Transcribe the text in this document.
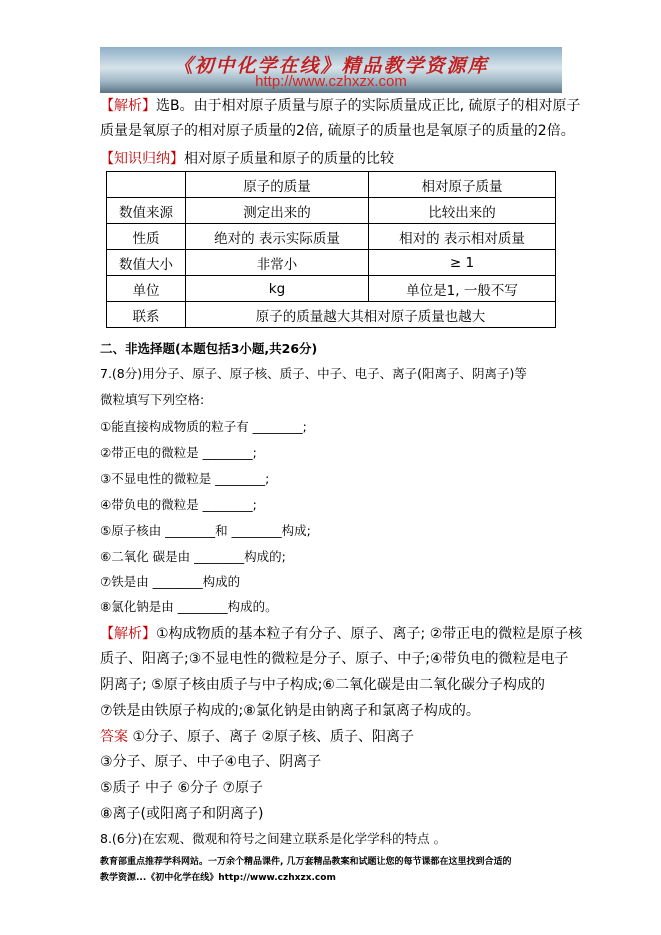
《初中化学在线》精品教学资源库
http://www.czhxzx.com
【解析】选B。由于相对原子质量与原子的实际质量成正比, 硫原子的相对原子
质量是氧原子的相对原子质量的2倍, 硫原子的质量也是氧原子的质量的2倍。
【知识归纳】相对原子质量和原子的质量的比较
	原子的质量	相对原子质量
数值来源	测定出来的	比较出来的
性质	绝对的 表示实际质量	相对的 表示相对质量
数值大小	非常小	≥ 1
单位	kg	单位是1, 一般不写
联系	原子的质量越大其相对原子质量也越大	
二、非选择题(本题包括3小题,共26分)
7.(8分)用分子、原子、原子核、质子、中子、电子、离子(阳离子、阴离子)等
微粒填写下列空格:
①能直接构成物质的粒子有 ________;
②带正电的微粒是 ________;
③不显电性的微粒是 ________;
④带负电的微粒是 ________;
⑤原子核由 ________和 ________构成;
⑥二氧化 碳是由 ________构成的;
⑦铁是由 ________构成的
⑧氯化钠是由 ________构成的。
【解析】①构成物质的基本粒子有分子、原子、离子; ②带正电的微粒是原子核
质子、阳离子;③不显电性的微粒是分子、原子、中子;④带负电的微粒是电子
阴离子; ⑤原子核由质子与中子构成;⑥二氧化碳是由二氧化碳分子构成的
⑦铁是由铁原子构成的;⑧氯化钠是由钠离子和氯离子构成的。
答案 ①分子、原子、离子 ②原子核、质子、阳离子
③分子、原子、中子④电子、阴离子
⑤质子 中子 ⑥分子 ⑦原子
⑧离子(或阳离子和阴离子)
8.(6分)在宏观、微观和符号之间建立联系是化学学科的特点 。
教育部重点推荐学科网站。一万余个精品课件, 几万套精品教案和试题让您的每节课都在这里找到合适的
教学资源...《初中化学在线》http://www.czhxzx.com
